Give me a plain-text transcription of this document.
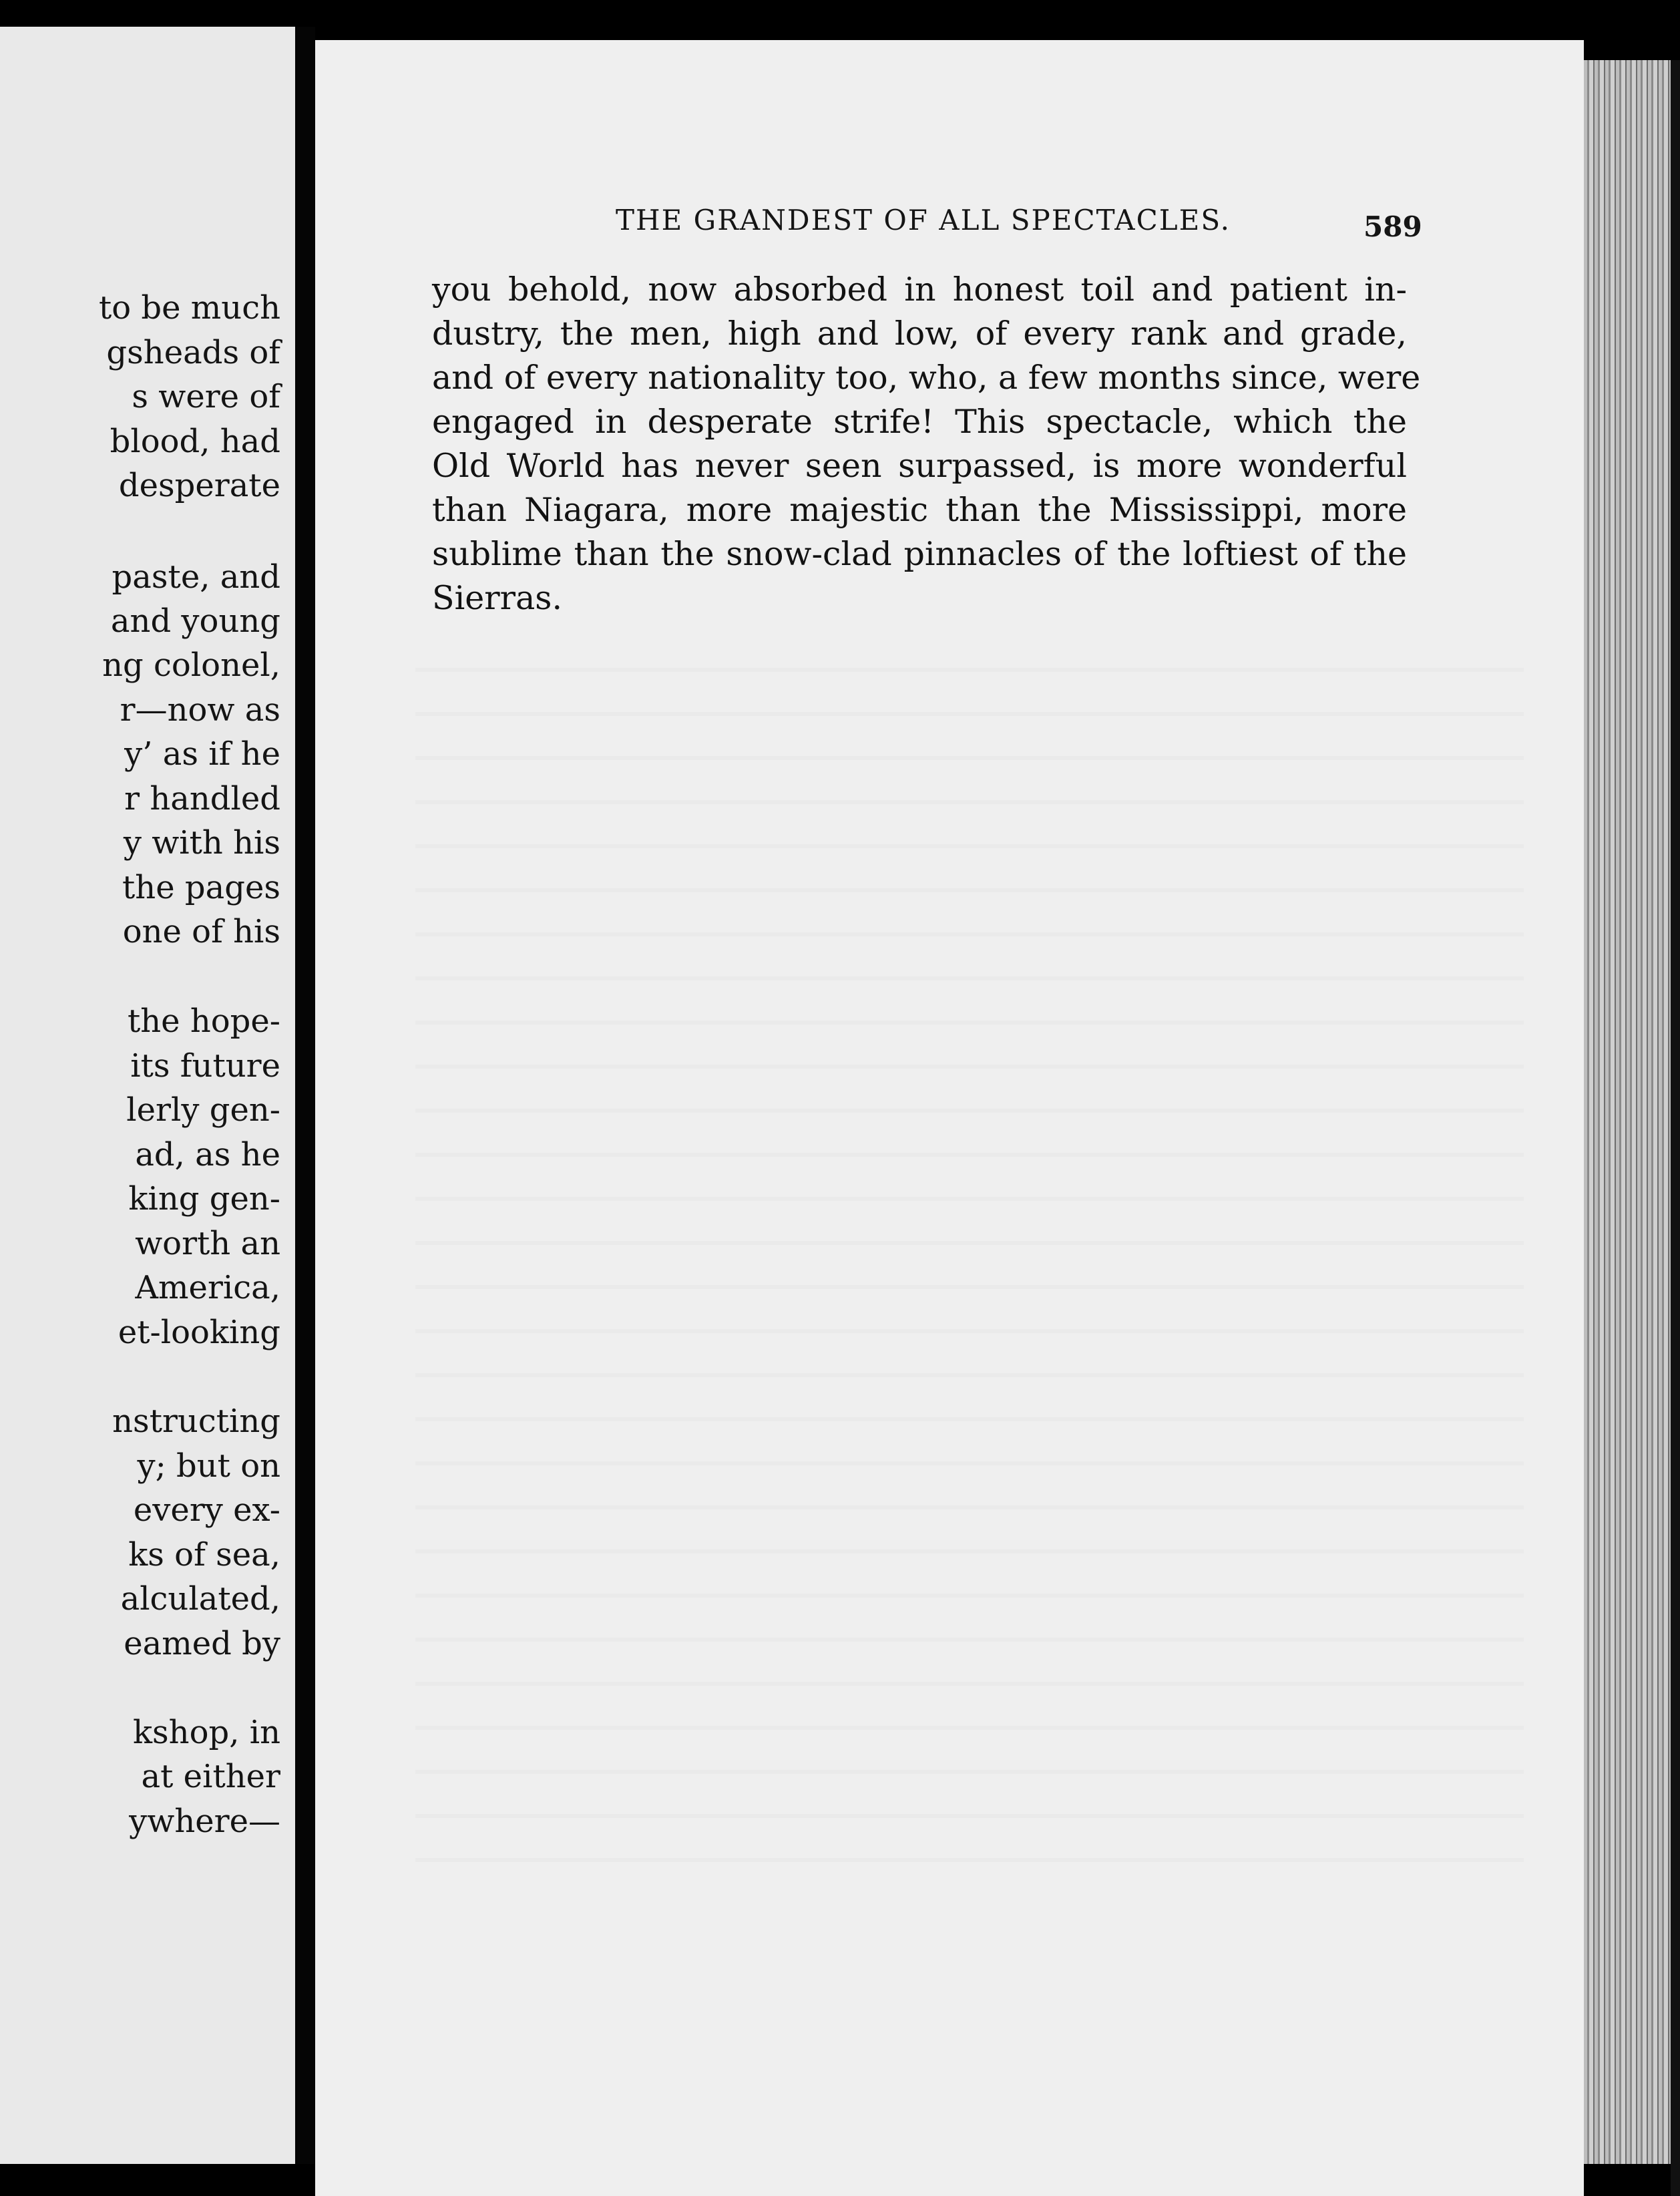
to be much
gsheads of
s were of
blood, had
desperate
paste, and
and young
ng colonel,
r—now as
y’ as if he
r handled
y with his
the pages
one of his
the hope-
its future
lerly gen-
ad, as he
king gen-
worth an
America,
et-looking
nstructing
y; but on
every ex-
ks of sea,
alculated,
eamed by
kshop, in
at either
ywhere—
THE GRANDEST OF ALL SPECTACLES.	589
you behold, now absorbed in honest toil and patient in-
dustry, the men, high and low, of every rank and grade,
and of every nationality too, who, a few months since, were
engaged in desperate strife! This spectacle, which the
Old World has never seen surpassed, is more wonderful
than Niagara, more majestic than the Mississippi, more
sublime than the snow-clad pinnacles of the loftiest of the
Sierras.
